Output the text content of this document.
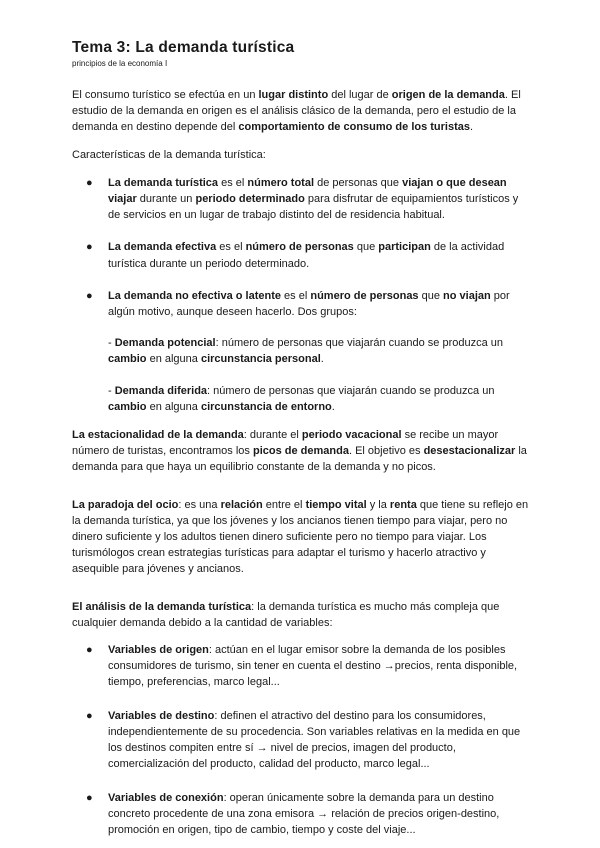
Tema 3: La demanda turística
principios de la economía I

El consumo turístico se efectúa en un lugar distinto del lugar de origen de la demanda. El estudio de la demanda en origen es el análisis clásico de la demanda, pero el estudio de la demanda en destino depende del comportamiento de consumo de los turistas.

Características de la demanda turística:

● La demanda turística es el número total de personas que viajan o que desean viajar durante un periodo determinado para disfrutar de equipamientos turísticos y de servicios en un lugar de trabajo distinto del de residencia habitual.
● La demanda efectiva es el número de personas que participan de la actividad turística durante un periodo determinado.
● La demanda no efectiva o latente es el número de personas que no viajan por algún motivo, aunque deseen hacerlo. Dos grupos:

- Demanda potencial: número de personas que viajarán cuando se produzca un cambio en alguna circunstancia personal.

- Demanda diferida: número de personas que viajarán cuando se produzca un cambio en alguna circunstancia de entorno.

La estacionalidad de la demanda: durante el periodo vacacional se recibe un mayor número de turistas, encontramos los picos de demanda. El objetivo es desestacionalizar la demanda para que haya un equilibrio constante de la demanda y no picos.

La paradoja del ocio: es una relación entre el tiempo vital y la renta que tiene su reflejo en la demanda turística, ya que los jóvenes y los ancianos tienen tiempo para viajar, pero no dinero suficiente y los adultos tienen dinero suficiente pero no tiempo para viajar. Los turismólogos crean estrategias turísticas para adaptar el turismo y hacerlo atractivo y asequible para jóvenes y ancianos.

El análisis de la demanda turística: la demanda turística es mucho más compleja que cualquier demanda debido a la cantidad de variables:

● Variables de origen: actúan en el lugar emisor sobre la demanda de los posibles consumidores de turismo, sin tener en cuenta el destino →precios, renta disponible, tiempo, preferencias, marco legal...
● Variables de destino: definen el atractivo del destino para los consumidores, independientemente de su procedencia. Son variables relativas en la medida en que los destinos compiten entre sí → nivel de precios, imagen del producto, comercialización del producto, calidad del producto, marco legal...
● Variables de conexión: operan únicamente sobre la demanda para un destino concreto procedente de una zona emisora → relación de precios origen-destino, promoción en origen, tipo de cambio, tiempo y coste del viaje...
